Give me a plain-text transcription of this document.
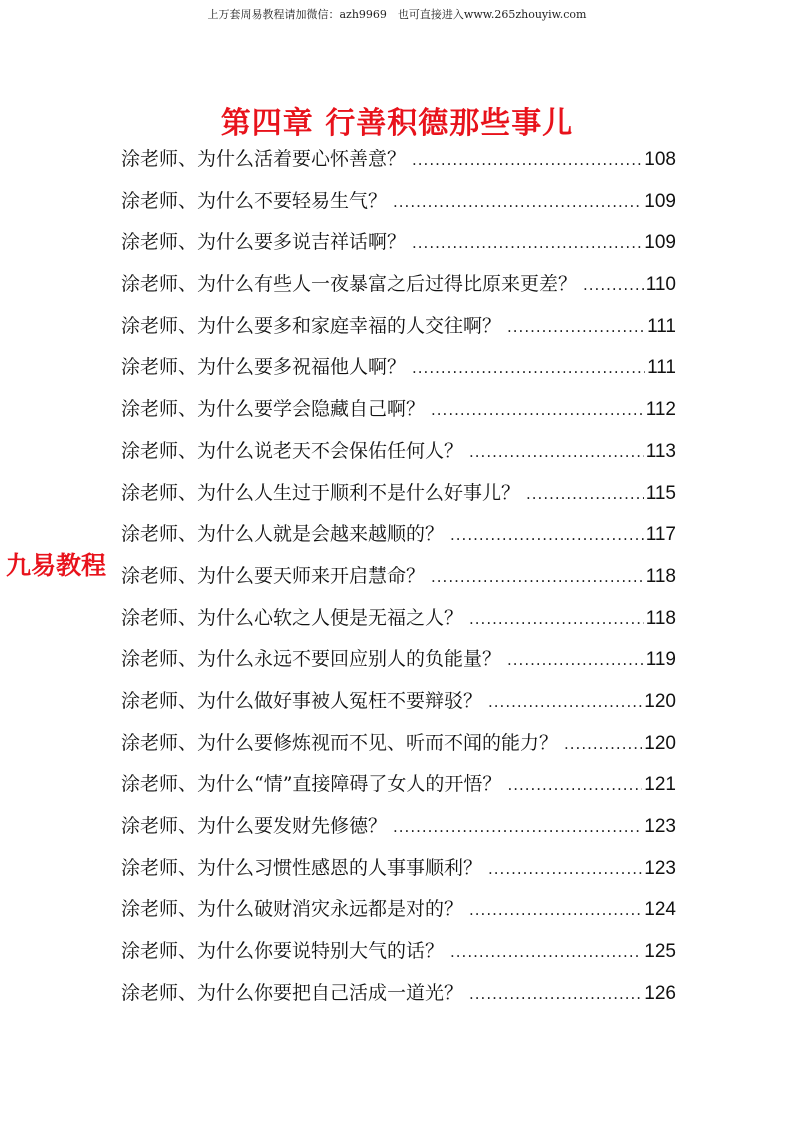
上万套周易教程请加微信：azh9969　也可直接进入www.265zhouyiw.com
第四章 行善积德那些事儿
涂老师、为什么活着要心怀善意？ .....	108
涂老师、为什么不要轻易生气？ .....	109
涂老师、为什么要多说吉祥话啊？ .....	109
涂老师、为什么有些人一夜暴富之后过得比原来更差？ .....	110
涂老师、为什么要多和家庭幸福的人交往啊？ .....	111
涂老师、为什么要多祝福他人啊？ .....	111
涂老师、为什么要学会隐藏自己啊？ .....	112
涂老师、为什么说老天不会保佑任何人？ .....	113
涂老师、为什么人生过于顺利不是什么好事儿？ .....	115
涂老师、为什么人就是会越来越顺的？ .....	117
涂老师、为什么要天师来开启慧命？ .....	118
涂老师、为什么心软之人便是无福之人？ .....	118
涂老师、为什么永远不要回应别人的负能量？ .....	119
涂老师、为什么做好事被人冤枉不要辩驳？ .....	120
涂老师、为什么要修炼视而不见、听而不闻的能力？ .....	120
涂老师、为什么“情”直接障碍了女人的开悟？ .....	121
涂老师、为什么要发财先修德？ .....	123
涂老师、为什么习惯性感恩的人事事顺利？ .....	123
涂老师、为什么破财消灾永远都是对的？ .....	124
涂老师、为什么你要说特别大气的话？ .....	125
涂老师、为什么你要把自己活成一道光？ .....	126
九易教程
